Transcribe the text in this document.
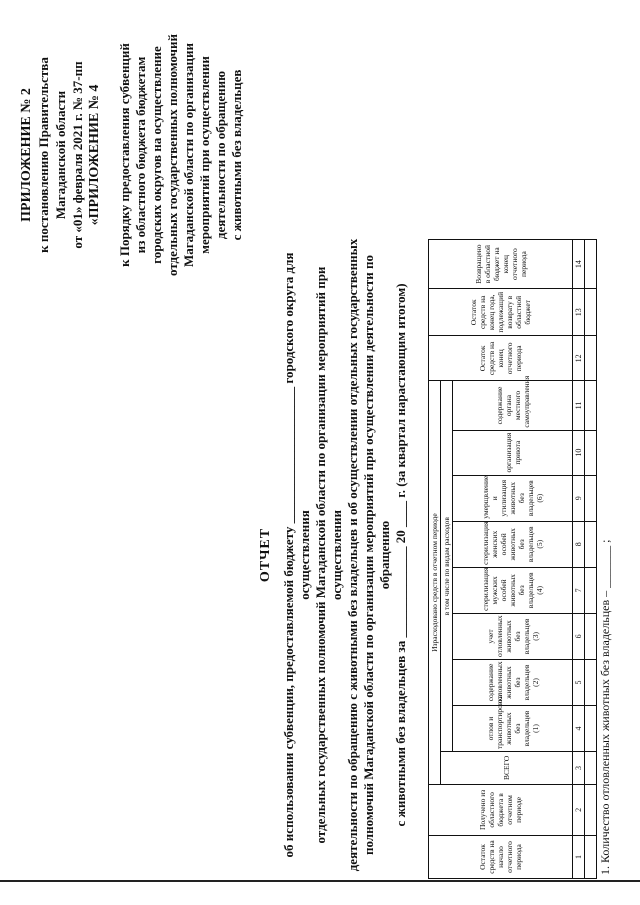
ПРИЛОЖЕНИЕ № 2 к постановлению Правительства Магаданской области от «01» февраля 2021 г. № 37-пп «ПРИЛОЖЕНИЕ № 4 к Порядку предоставления субвенций из областного бюджета бюджетам городских округов на осуществление отдельных государственных полномочий Магаданской области по организации мероприятий при осуществлении деятельности по обращению с животными без владельцев
ОТЧЕТ об использовании субвенции, предоставляемой бюджету _____________________ городского округа для осуществления отдельных государственных полномочий Магаданской области по организации мероприятий при осуществлении деятельности по обращению с животными без владельцев и об осуществлении отдельных государственных полномочий Магаданской области по организации мероприятий при осуществлении деятельности по обращению с животными без владельцев за ______________ 20 ____ г. (за квартал нарастающим итогом)
Остаток средств на начало отчетного периода	Получено из областного бюджета в отчетном периоде	Израсходовано средств в отчетном периоде									Остаток средств на конец отчетного периода	Остаток средств на конец года, подлежащий возврату в областной бюджет	Возвращено в областной бюджет на конец отчетного периода
		ВСЕГО	в том числе по видам расходов										
			отлов и транспортировка животных без владельцев (1)	содержание отловленных животных без владельцев (2)	учет отловленных животных без владельцев (3)	стерилизация мужских особей животных без владельцев (4)	стерилизация женских особей животных без владельцев (5)	умерщвление и утилизация животных без владельцев (6)	организация приюта	содержание органа местного самоуправления			
1	2	3	4	5	6	7	8	9	10	11	12	13	14

1. Количество отловленных животных без владельцев – _______ ;
